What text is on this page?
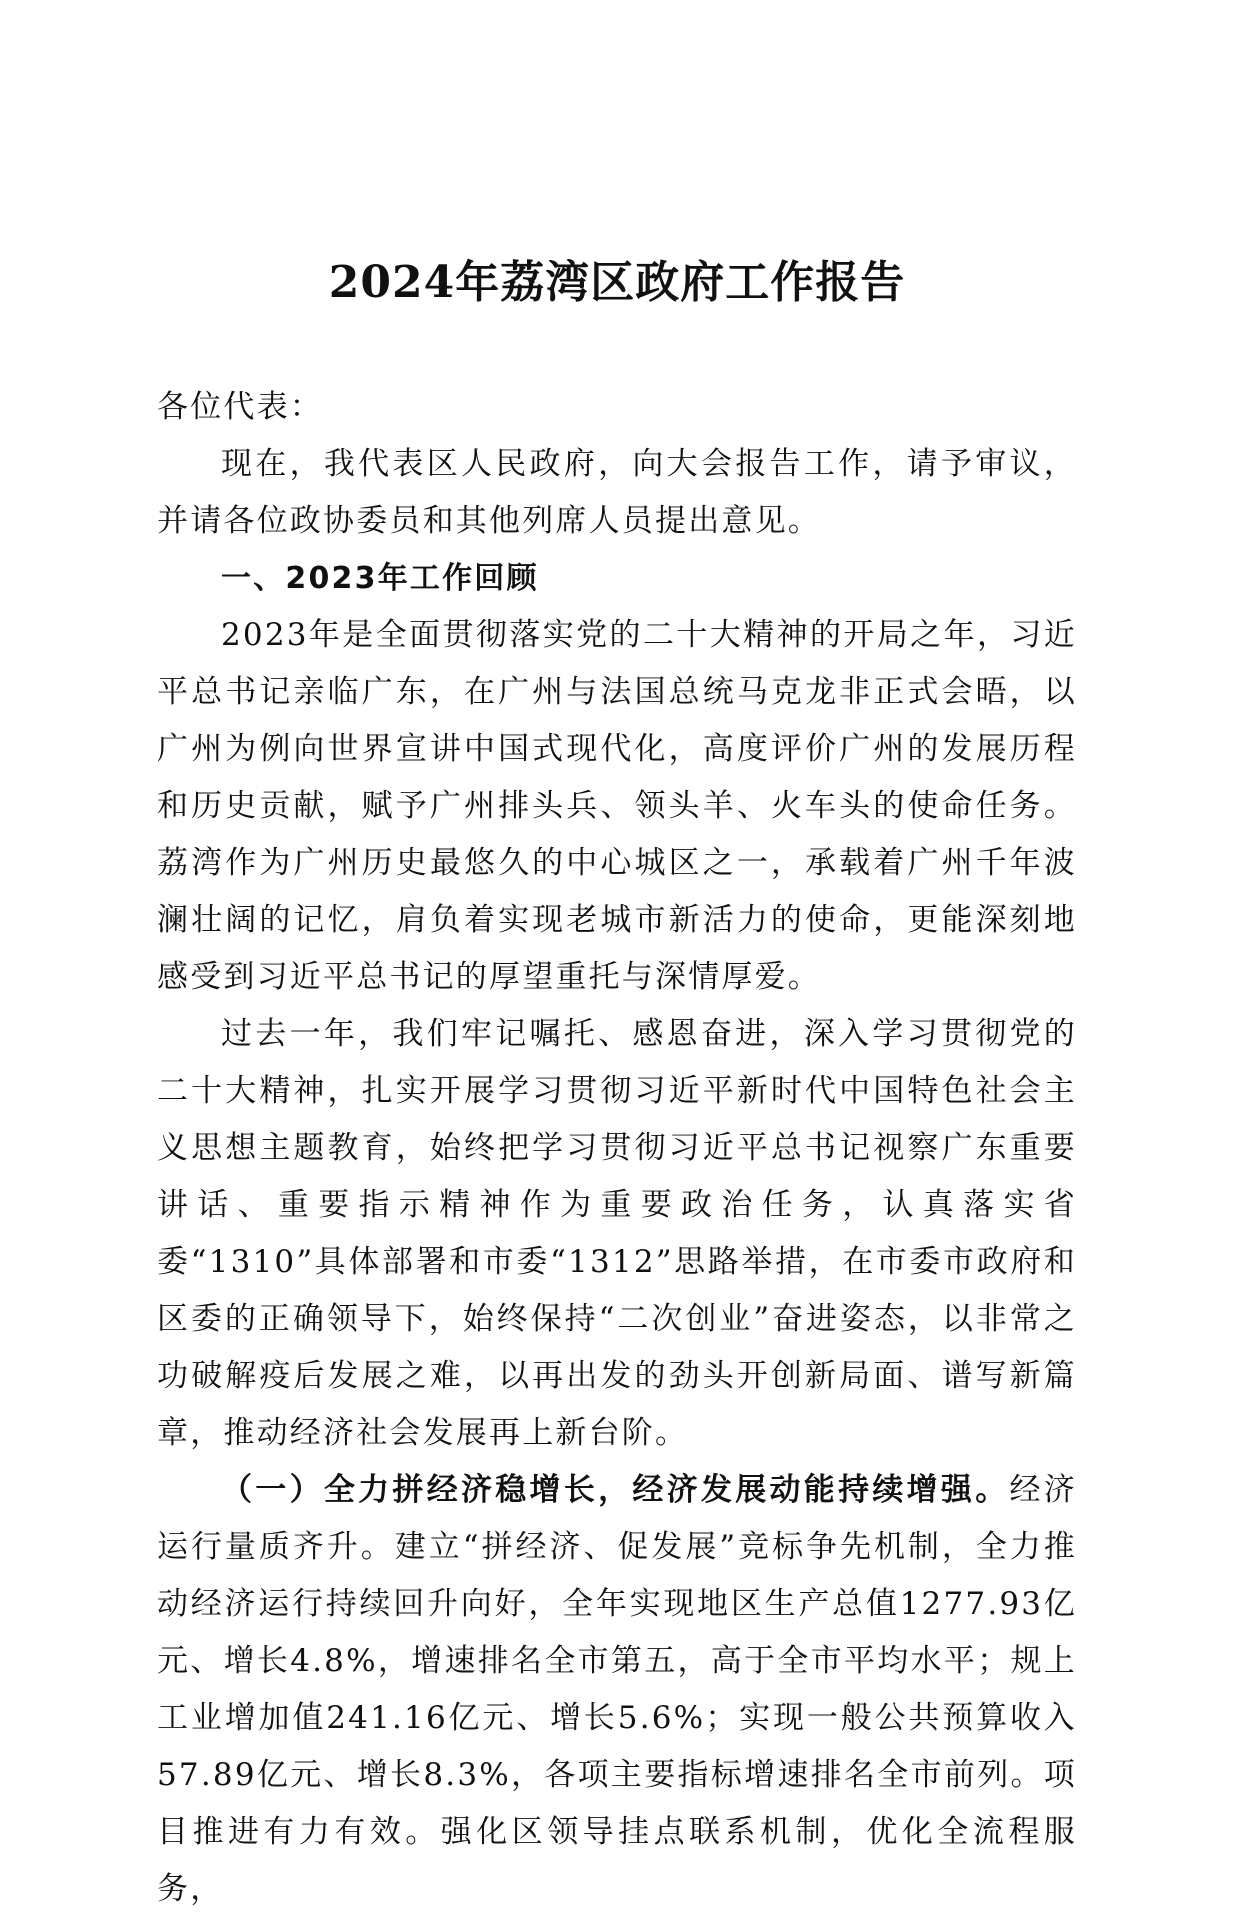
2024年荔湾区政府工作报告

各位代表：

现在，我代表区人民政府，向大会报告工作，请予审议，并请各位政协委员和其他列席人员提出意见。

一、2023年工作回顾

2023年是全面贯彻落实党的二十大精神的开局之年，习近平总书记亲临广东，在广州与法国总统马克龙非正式会晤，以广州为例向世界宣讲中国式现代化，高度评价广州的发展历程和历史贡献，赋予广州排头兵、领头羊、火车头的使命任务。荔湾作为广州历史最悠久的中心城区之一，承载着广州千年波澜壮阔的记忆，肩负着实现老城市新活力的使命，更能深刻地感受到习近平总书记的厚望重托与深情厚爱。

过去一年，我们牢记嘱托、感恩奋进，深入学习贯彻党的二十大精神，扎实开展学习贯彻习近平新时代中国特色社会主义思想主题教育，始终把学习贯彻习近平总书记视察广东重要讲话、重要指示精神作为重要政治任务，认真落实省委“1310”具体部署和市委“1312”思路举措，在市委市政府和区委的正确领导下，始终保持“二次创业”奋进姿态，以非常之功破解疫后发展之难，以再出发的劲头开创新局面、谱写新篇章，推动经济社会发展再上新台阶。

（一）全力拼经济稳增长，经济发展动能持续增强。经济运行量质齐升。建立“拼经济、促发展”竞标争先机制，全力推动经济运行持续回升向好，全年实现地区生产总值1277.93亿元、增长4.8%，增速排名全市第五，高于全市平均水平；规上工业增加值241.16亿元、增长5.6%；实现一般公共预算收入57.89亿元、增长8.3%，各项主要指标增速排名全市前列。项目推进有力有效。强化区领导挂点联系机制，优化全流程服务，
